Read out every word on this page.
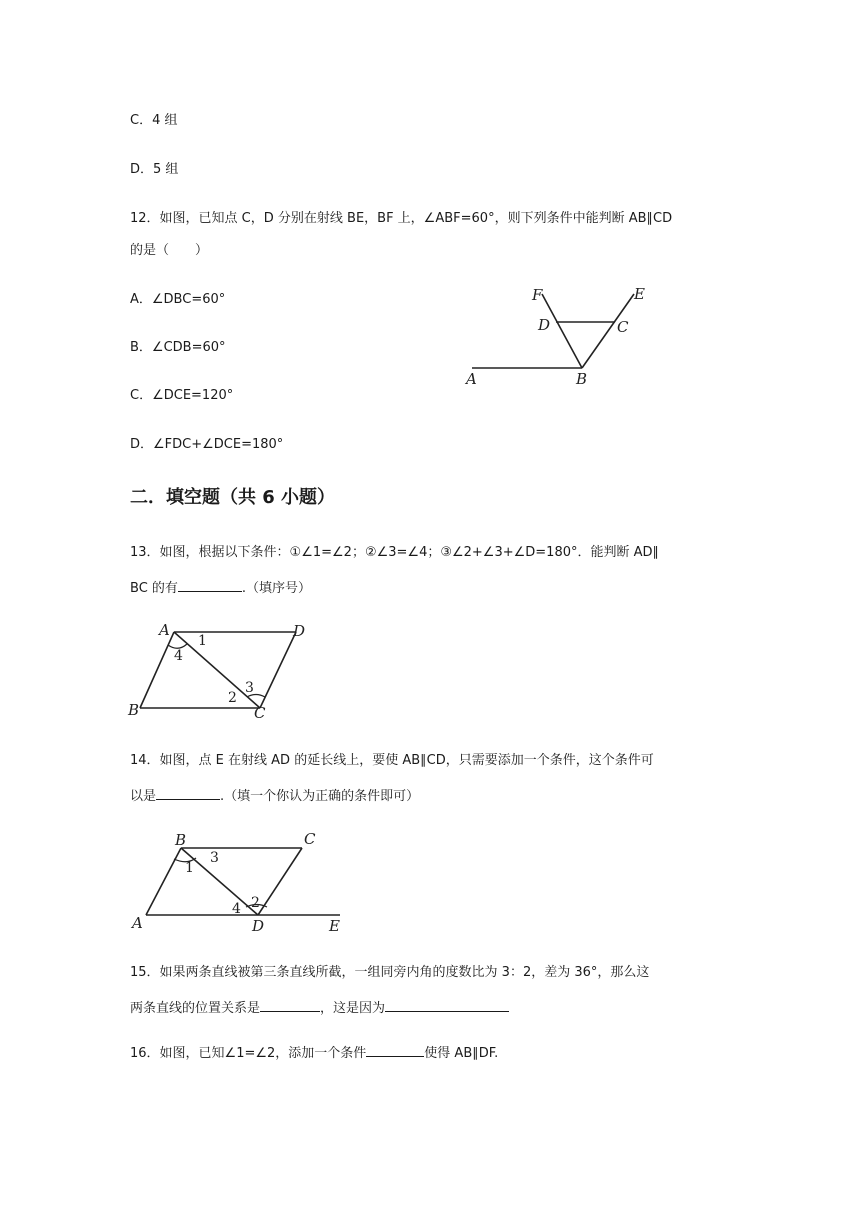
C．4 组
D．5 组
12．如图，已知点 C，D 分别在射线 BE，BF 上，∠ABF=60°，则下列条件中能判断 AB∥CD
的是（　　）
A．∠DBC=60°
B．∠CDB=60°
C．∠DCE=120°
D．∠FDC+∠DCE=180°
F	E
D	C
A	B
二．填空题（共 6 小题）
13．如图，根据以下条件：①∠1=∠2；②∠3=∠4；③∠2+∠3+∠D=180°．能判断 AD∥
BC 的有	.（填序号）
A	D
B	C
1
4
2
3
14．如图，点 E 在射线 AD 的延长线上，要使 AB∥CD，只需要添加一个条件，这个条件可
以是	.（填一个你认为正确的条件即可）
B	C
A	D	E
3
1
2
4
15．如果两条直线被第三条直线所截，一组同旁内角的度数比为 3：2，差为 36°，那么这
两条直线的位置关系是	，这是因为
16．如图，已知∠1=∠2，添加一个条件	使得 AB∥DF.
